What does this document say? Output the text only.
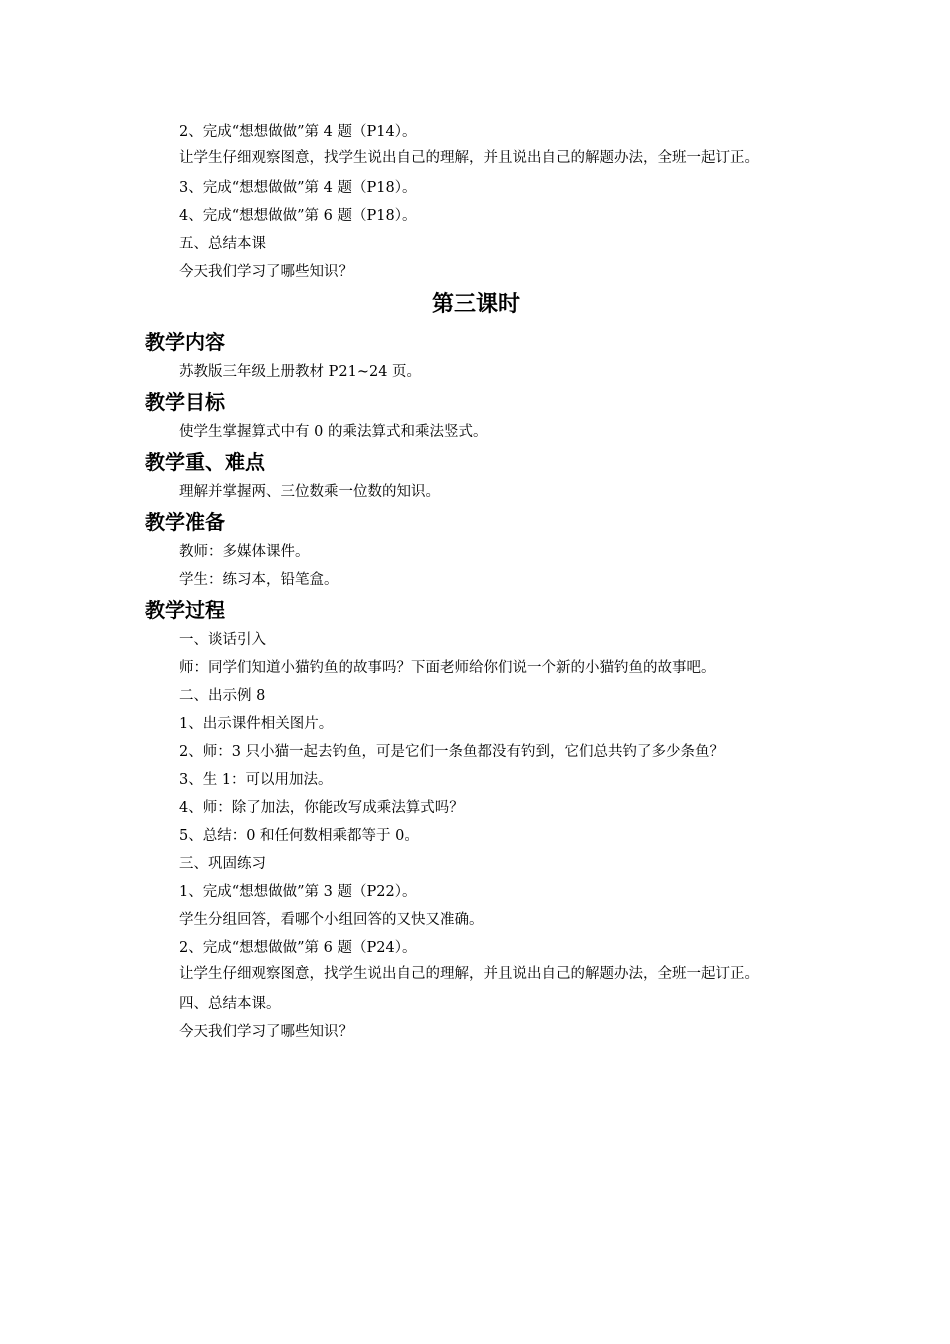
2、完成“想想做做”第 4 题（P14）。

让学生仔细观察图意，找学生说出自己的理解，并且说出自己的解题办法，全班一起订正。

3、完成“想想做做”第 4 题（P18）。

4、完成“想想做做”第 6 题（P18）。

五、总结本课

今天我们学习了哪些知识？

第三课时
教学内容

苏教版三年级上册教材 P21~24 页。

教学目标

使学生掌握算式中有 0 的乘法算式和乘法竖式。

教学重、难点

理解并掌握两、三位数乘一位数的知识。

教学准备

教师：多媒体课件。

学生：练习本，铅笔盒。

教学过程

一、谈话引入

师：同学们知道小猫钓鱼的故事吗？下面老师给你们说一个新的小猫钓鱼的故事吧。

二、出示例 8

1、出示课件相关图片。

2、师：3 只小猫一起去钓鱼，可是它们一条鱼都没有钓到，它们总共钓了多少条鱼？

3、生 1：可以用加法。

4、师：除了加法，你能改写成乘法算式吗？

5、总结：0 和任何数相乘都等于 0。

三、巩固练习

1、完成“想想做做”第 3 题（P22）。

学生分组回答，看哪个小组回答的又快又准确。

2、完成“想想做做”第 6 题（P24）。

让学生仔细观察图意，找学生说出自己的理解，并且说出自己的解题办法，全班一起订正。

四、总结本课。

今天我们学习了哪些知识？
